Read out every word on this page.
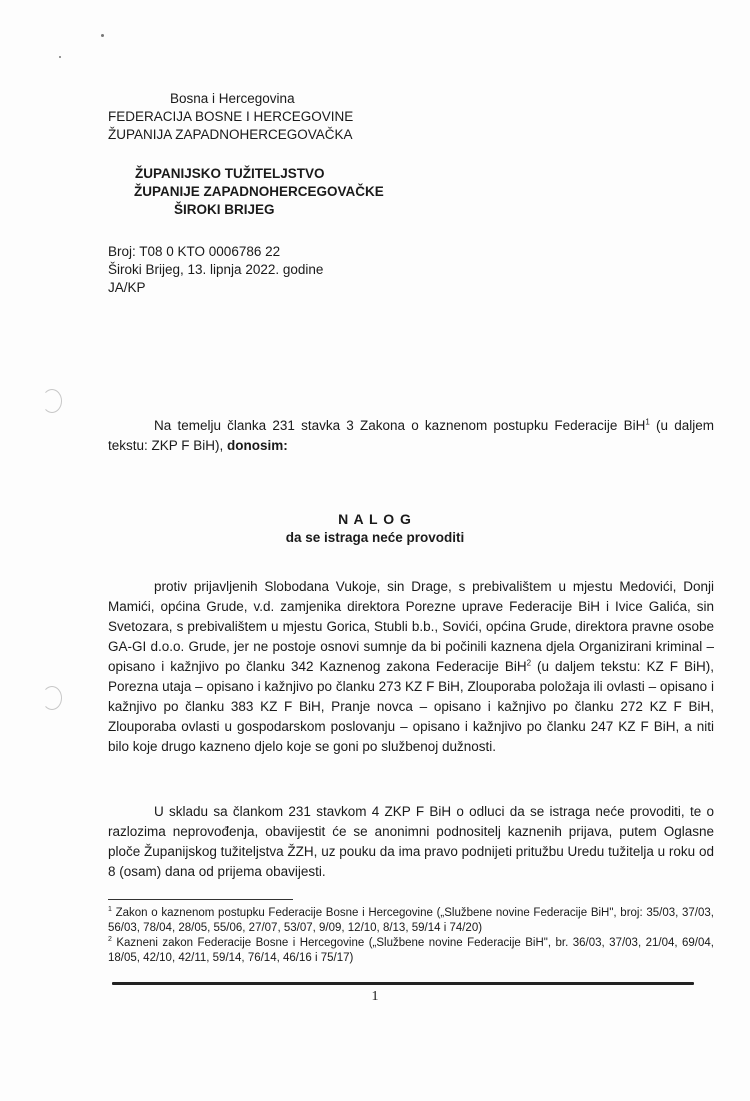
Bosna i Hercegovina
FEDERACIJA BOSNE I HERCEGOVINE
ŽUPANIJA ZAPADNOHERCEGOVAČKA
ŽUPANIJSKO TUŽITELJSTVO
ŽUPANIJE ZAPADNOHERCEGOVAČKE
ŠIROKI BRIJEG
Broj: T08 0 KTO 0006786 22
Široki Brijeg, 13. lipnja 2022. godine
JA/KP
Na temelju članka 231 stavka 3 Zakona o kaznenom postupku Federacije BiH$^1$ (u daljem tekstu: ZKP F BiH), donosim:
N A L O G
da se istraga neće provoditi
protiv prijavljenih Slobodana Vukoje, sin Drage, s prebivalištem u mjestu Medovići, Donji Mamići, općina Grude, v.d. zamjenika direktora Porezne uprave Federacije BiH i Ivice Galića, sin Svetozara, s prebivalištem u mjestu Gorica, Stubli b.b., Sovići, općina Grude, direktora pravne osobe GA-GI d.o.o. Grude, jer ne postoje osnovi sumnje da bi počinili kaznena djela Organizirani kriminal – opisano i kažnjivo po članku 342 Kaznenog zakona Federacije BiH$^2$ (u daljem tekstu: KZ F BiH), Porezna utaja – opisano i kažnjivo po članku 273 KZ F BiH, Zlouporaba položaja ili ovlasti – opisano i kažnjivo po članku 383 KZ F BiH, Pranje novca – opisano i kažnjivo po članku 272 KZ F BiH, Zlouporaba ovlasti u gospodarskom poslovanju – opisano i kažnjivo po članku 247 KZ F BiH, a niti bilo koje drugo kazneno djelo koje se goni po službenoj dužnosti.
U skladu sa člankom 231 stavkom 4 ZKP F BiH o odluci da se istraga neće provoditi, te o razlozima neprovođenja, obavijestit će se anonimni podnositelj kaznenih prijava, putem Oglasne ploče Županijskog tužiteljstva ŽZH, uz pouku da ima pravo podnijeti pritužbu Uredu tužitelja u roku od 8 (osam) dana od prijema obavijesti.
$^1$ Zakon o kaznenom postupku Federacije Bosne i Hercegovine („Službene novine Federacije BiH", broj: 35/03, 37/03, 56/03, 78/04, 28/05, 55/06, 27/07, 53/07, 9/09, 12/10, 8/13, 59/14 i 74/20)
$^2$ Kazneni zakon Federacije Bosne i Hercegovine („Službene novine Federacije BiH", br. 36/03, 37/03, 21/04, 69/04, 18/05, 42/10, 42/11, 59/14, 76/14, 46/16 i 75/17)
1
